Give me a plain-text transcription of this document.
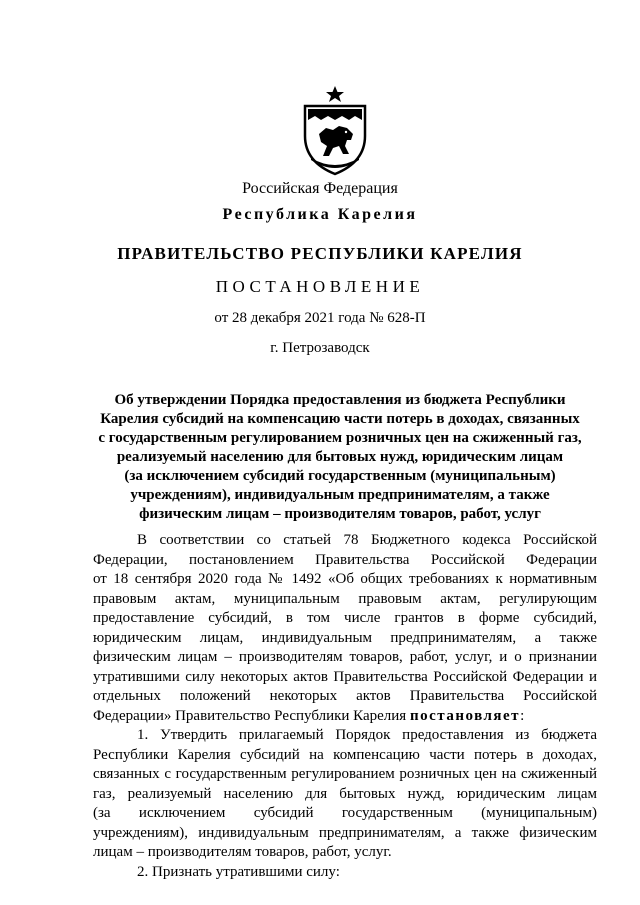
Российская Федерация
Республика Карелия
ПРАВИТЕЛЬСТВО РЕСПУБЛИКИ КАРЕЛИЯ
ПОСТАНОВЛЕНИЕ
от 28 декабря 2021 года № 628-П
г. Петрозаводск
Об утверждении Порядка предоставления из бюджета Республики
Карелия субсидий на компенсацию части потерь в доходах, связанных
с государственным регулированием розничных цен на сжиженный газ,
реализуемый населению для бытовых нужд, юридическим лицам
(за исключением субсидий государственным (муниципальным)
учреждениям), индивидуальным предпринимателям, а также
физическим лицам – производителям товаров, работ, услуг
В соответствии со статьей 78 Бюджетного кодекса Российской
Федерации, постановлением Правительства Российской Федерации
от 18 сентября 2020 года № 1492 «Об общих требованиях к нормативным
правовым актам, муниципальным правовым актам, регулирующим
предоставление субсидий, в том числе грантов в форме субсидий,
юридическим лицам, индивидуальным предпринимателям, а также
физическим лицам – производителям товаров, работ, услуг, и о признании
утратившими силу некоторых актов Правительства Российской Федерации и
отдельных положений некоторых актов Правительства Российской
Федерации» Правительство Республики Карелия постановляет:
1. Утвердить прилагаемый Порядок предоставления из бюджета
Республики Карелия субсидий на компенсацию части потерь в доходах,
связанных с государственным регулированием розничных цен на сжиженный
газ, реализуемый населению для бытовых нужд, юридическим лицам
(за исключением субсидий государственным (муниципальным)
учреждениям), индивидуальным предпринимателям, а также физическим
лицам – производителям товаров, работ, услуг.
2. Признать утратившими силу:
